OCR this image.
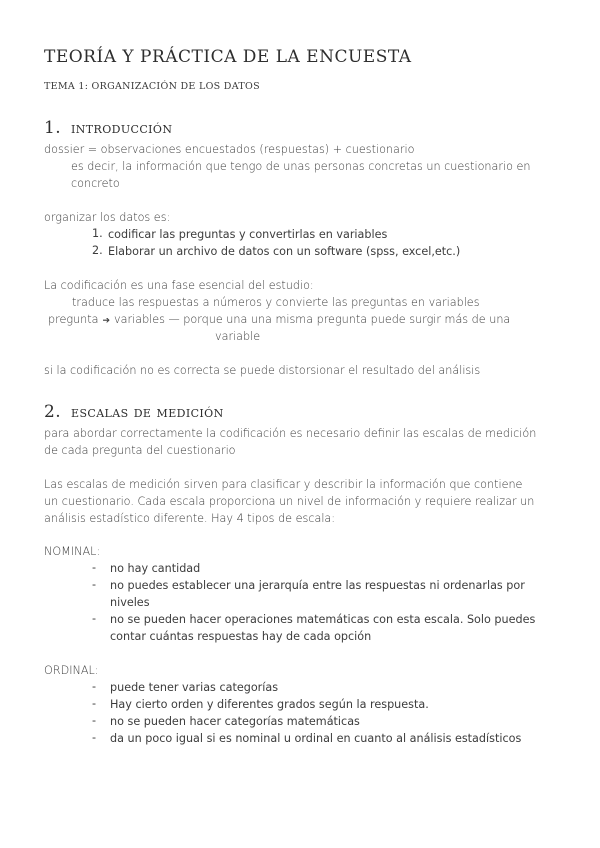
TEORÍA Y PRÁCTICA DE LA ENCUESTA
TEMA 1: ORGANIZACIÓN DE LOS DATOS
1. introducción
dossier = observaciones encuestados (respuestas) + cuestionario
es decir, la información que tengo de unas personas concretas un cuestionario en
concreto
organizar los datos es:
1. codificar las preguntas y convertirlas en variables
2. Elaborar un archivo de datos con un software (spss, excel,etc.)
La codificación es una fase esencial del estudio:
traduce las respuestas a números y convierte las preguntas en variables
pregunta ➔ variables — porque una una misma pregunta puede surgir más de una
variable
si la codificación no es correcta se puede distorsionar el resultado del análisis
2. escalas de medición
para abordar correctamente la codificación es necesario definir las escalas de medición
de cada pregunta del cuestionario
Las escalas de medición sirven para clasificar y describir la información que contiene
un cuestionario. Cada escala proporciona un nivel de información y requiere realizar un
análisis estadístico diferente. Hay 4 tipos de escala:
NOMINAL:
- no hay cantidad
- no puedes establecer una jerarquía entre las respuestas ni ordenarlas por
niveles
- no se pueden hacer operaciones matemáticas con esta escala. Solo puedes
contar cuántas respuestas hay de cada opción
ORDINAL:
- puede tener varias categorías
- Hay cierto orden y diferentes grados según la respuesta.
- no se pueden hacer categorías matemáticas
- da un poco igual si es nominal u ordinal en cuanto al análisis estadísticos
